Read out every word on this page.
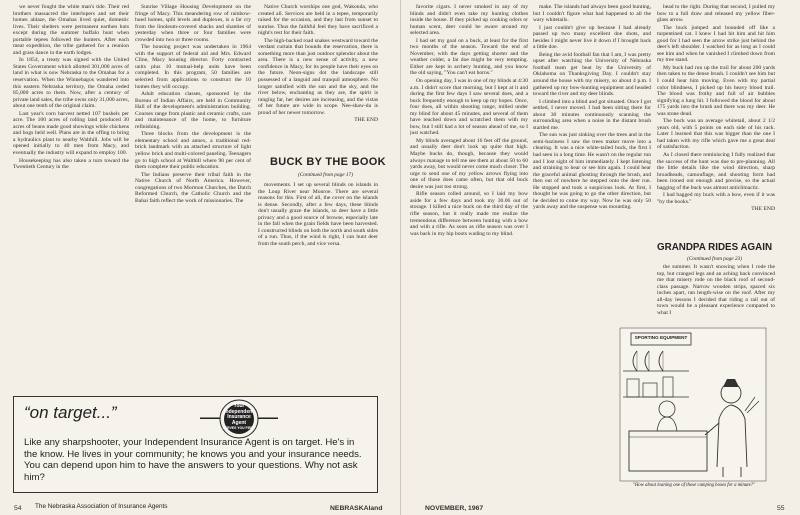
we never fought the white man's tide. Their red brothers massacred the interlopers and set their homes ablaze, the Omahas lived quiet, domestic lives. Their shelters were permanent earthen huts except during the summer buffalo hunt when portable tepees followed the hunters. After each meat expedition, the tribe gathered for a reunion and grass dance in the earth lodges.

In 1854, a treaty was signed with the United States Government which allotted 301,000 acres of land in what is now Nebraska to the Omahas for a reservation. When the Winnebagos wandered into this eastern Nebraska territory, the Omaha ceded 85,000 acres to them. Now, after a century of private land sales, the tribe owns only 31,000 acres, about one tenth of the original claim.

Last year's corn harvest netted 107 bushels per acre. The 100 acres of rolling land produced 30 acres of beans made good showings while chickens and hogs held well. Plans are in the offing to bring a hydraulics plant to nearby Walthill. Jobs will be opened initially to 40 men from Macy, and eventually the industry will expand to employ 100.

Housekeeping has also taken a turn toward the Twentieth Century in the

Sunrise Village Housing Development on the fringe of Macy. This meandering row of rainbow-hued homes, split levels and duplexes, is a far cry from the linoleum-covered shacks and shanties of yesterday when three or four families were crowded into two or three rooms.

The housing project was undertaken in 1964 with the support of federal aid and Mrs. Edward Cline, Macy housing director. Forty contracted units plus 10 mutual-help units have been completed. In this program, 50 families are selected from applications to construct the 10 homes they will occupy.

Adult education classes, sponsored by the Bureau of Indian Affairs, are held in Community Hall of the development's administration building. Courses range from plastic and ceramic crafts, care and maintenance of the home, to furniture refinishing.

Three blocks from the development is the elementary school and annex, a traditional red-brick landmark with an attached structure of light yellow brick and multi-colored paneling. Teenagers go to high school at Walthill where 90 per cent of them complete their public education.

The Indians preserve their tribal faith in the Native Church of North America. However, congregations of two Mormon Churches, the Dutch Reformed Church, the Catholic Church and the Bahai faith reflect the work of missionaries. The

Native Church worships one god, Wakonda, who created all. Services are held in a tepee, temporarily raised for the occasion, and they last from sunset to sunrise. Thus the faithful feel they have sacrificed a night's rest for their faith.

The high-backed road snakes westward toward the verdant curtain that bounds the reservation, there is something more than just outdoor splendor about the area. There is a new sense of activity, a new confidence in Macy, for its people have their eyes on the future. Neon-signs dot the landscape still possessed of a languid and tranquil atmosphere. No longer satisfied with the sun and the sky, and the river below, enchanting as they are, the spirit is ranging far, her desires are increasing, and the vistas of her future are wide in scope. Nee-shaw-da is proud of her newer tomorrow.

THE END
BUCK BY THE BOOK
(Continued from page 17)

movements. I set up several blinds on islands in the Loup River near Monroe. There are several reasons for this. First of all, the cover on the islands is dense. Secondly, after a few days, these blinds don't usually graze the islands, so deer have a little privacy and a good source of browse, especially late in the fall when the grain fields have been harvested. I constructed blinds on both the north and south sides of a run. Thus, if the wind is right, I can hunt deer from the south perch, and vice versa.

“on target...”	Your
Independent
Insurance
Agent
SERVES YOU FIRST
Like any sharpshooter, your Independent Insurance Agent is on target. He's in the know. He lives in your community; he knows you and your insurance needs. You can depend upon him to have the answers to your questions. Why not ask him?
The Nebraska Association of Insurance Agents
54	NEBRASKAland

favorite cigars. I never smoked in any of my blinds and didn't even take my hunting clothes inside the house. If they picked up cooking odors or human scent, deer could be aware around my selected area.

I had set my goal on a buck, at least for the first two months of the season. Toward the end of November, with the days getting shorter and the weather colder, a fat doe might be very tempting. Either are kept in archery hunting, and you know the old saying, "You can't eat horns."

On opening day, I was in one of my blinds at 4:30 a.m. I didn't score that morning, but I kept at it and during the first few days I saw several does, and a buck frequently enough to keep up my hopes. Once, four does, all within shooting range, milled under my blind for about 45 minutes, and several of them have reached down and scratched them with my bow, but I still had a lot of season ahead of me, so I just watched.

My blinds averaged about 16 feet off the ground, and usually deer don't look up quite that high. Maybe bucks do, though, because they would always manage to tell me see them at about 50 to 60 yards away, but would never come much closer. The urge to send one of my yellow arrows flying into one of those does came often, but that old buck desire was just too strong.

Rifle season rolled around, so I laid my bow aside for a few days and took my 30.06 out of storage. I killed a nice buck on the third day of the rifle season, but it really made me realize the tremendous difference between hunting with a bow and with a rifle. As soon as rifle season was over I was back in my hip boots wading to my blind.

make. The islands had always been good hunting, but I couldn't figure what had happened to all the wary whitetails.

I just couldn't give up because I had already passed up two many excellent doe shots, and besides I might never live it down if I brought back a little doe.

Being the avid football fan that I am, I was pretty upset after watching the University of Nebraska football team get beat by the University of Oklahoma on Thanksgiving Day. I couldn't stay around the house with my misery, so about 4 p.m. I gathered up my bow-hunting equipment and headed toward the river and my deer blinds.

I climbed into a blind and got situated. Once I got settled, I never moved. I had been sitting there for about 30 minutes continuously scanning the surrounding area when a noise in the distant brush startled me.

The sun was just sinking over the trees and in the semi-haziness I saw the trees maker move into a clearing. It was a nice white-tailed buck, the first I had seen in a long time. He wasn't on the regular run and I lost sight of him immediately. I kept listening and straining to hear or see him again. I could hear the graceful animal ghosting through the brush, and then out of nowhere he stepped onto the deer run. He stopped and took a suspicious look. At first, I thought he was going to go the other direction, but he decided to come my way. Now he was only 50 yards away and the suspense was mounting.

head to the right. During that second, I pulled my bow to a full draw and released my yellow fiber-glass arrow.

The buck jumped and bounded off like a turpentined cat. I knew I had hit him and hit him good for I had seen the arrow strike just behind the deer's left shoulder. I watched for as long as I could see him and when he vanished I climbed down from my tree stand.

My buck had run up the trail for about 200 yards then taken to the dense brush. I couldn't see him but I could hear him moving. Even with my partial color blindness, I picked up his heavy blood trail. The blood was frothy and full of air bubbles signifying a lung hit. I followed the blood for about 175 yards into the brush and there was my deer. He was stone dead.

The buck was an average whitetail, about 2 1/2 years old, with 5 points on each side of his rack. Later I learned that this was bigger than the one I had taken with my rifle which gave me a great deal of satisfaction.

As I closed there reminiscing I fully realized that the success of the hunt was due to pre-planning. All the little details like the wind direction, sharp broadheads, camouflage, and shooting form had been ironed out enough and precise, so the actual bagging of the buck was almost anticlimactic.

I had bagged my buck with a bow, even if it was "by the books."

THE END
GRANDPA RIDES AGAIN
(Continued from page 23)

the summer. It wasn't snowing when I rode the top, but cranged legs and an aching back convinced me that misery rode on the black roof of second-class passage. Narrow wooden strips, spaced six inches apart, ran length-wise on the roof. After my all-day lessons I decided that riding a rail out of town would be a pleasant experience compared to what I

SPORTING EQUIPMENT
"How about loaning one of those camping boxes for a minute?"
NOVEMBER, 1967	55
